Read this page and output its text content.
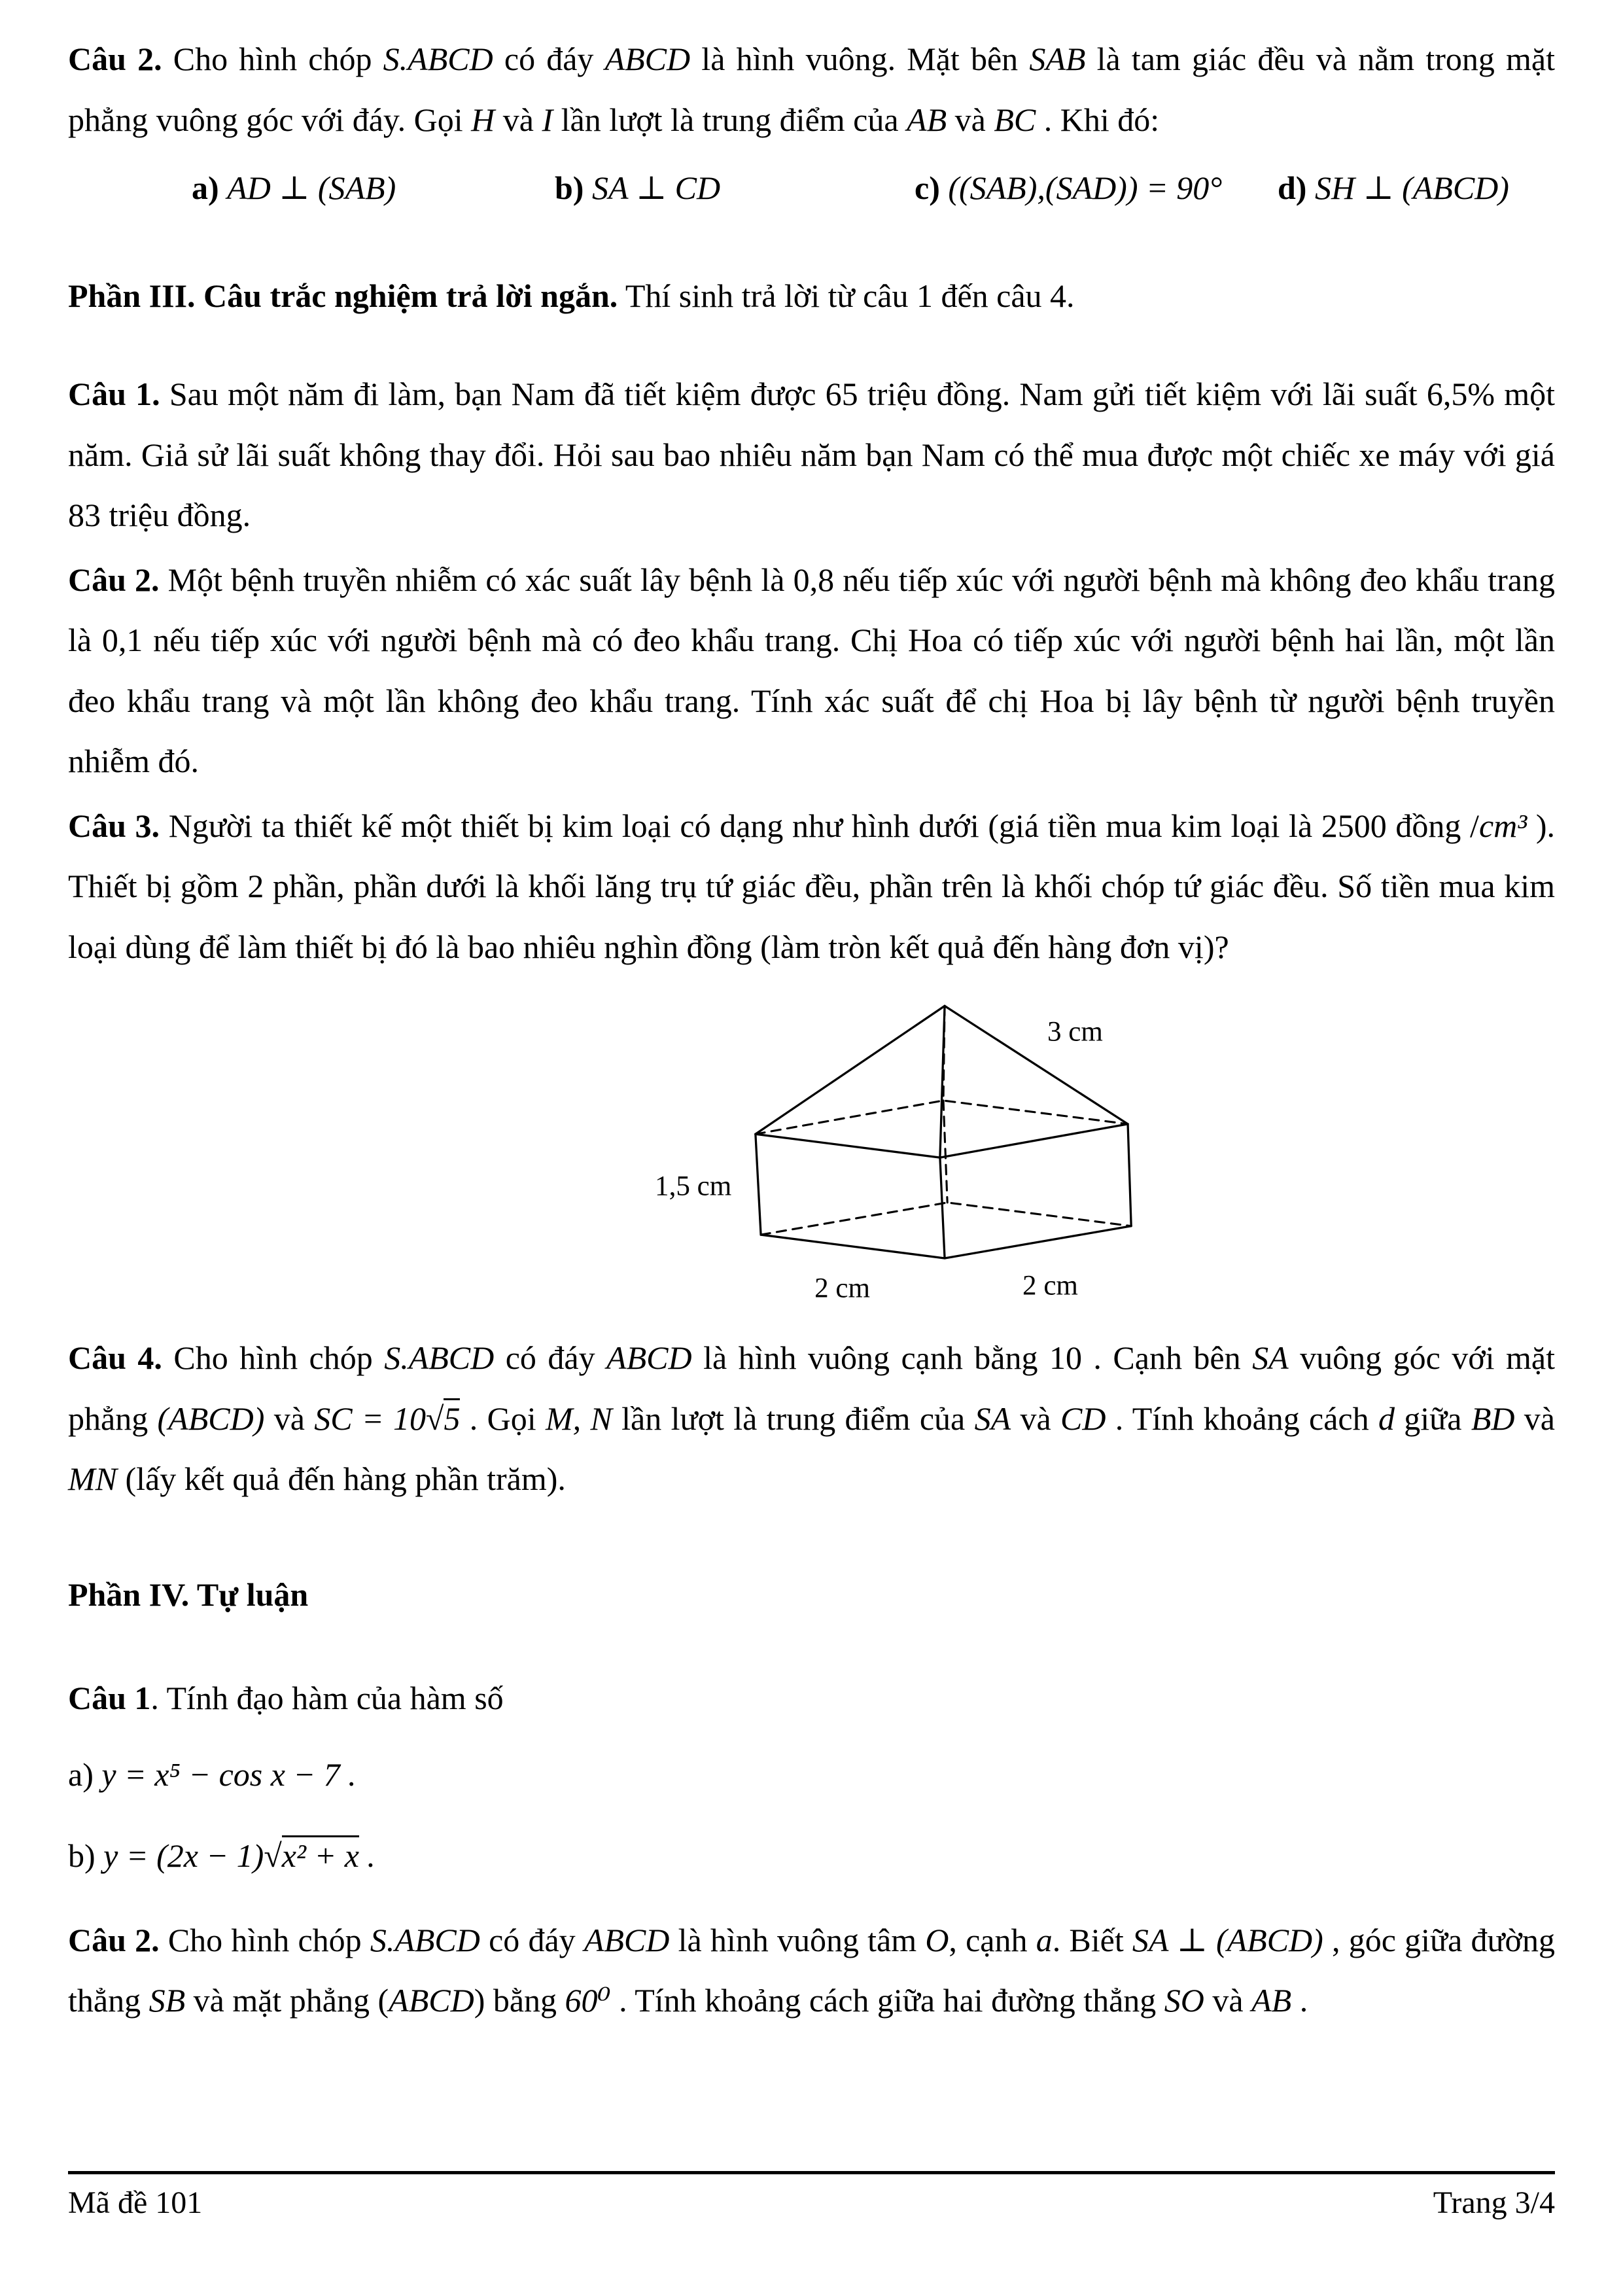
Câu 2. Cho hình chóp S.ABCD có đáy ABCD là hình vuông. Mặt bên SAB là tam giác đều và nằm trong mặt phẳng vuông góc với đáy. Gọi H và I lần lượt là trung điểm của AB và BC . Khi đó:

a) AD ⊥ (SAB)	b) SA ⊥ CD	c) ((SAB),(SAD)) = 90°	d) SH ⊥ (ABCD)

Phần III. Câu trắc nghiệm trả lời ngắn. Thí sinh trả lời từ câu 1 đến câu 4.

Câu 1. Sau một năm đi làm, bạn Nam đã tiết kiệm được 65 triệu đồng. Nam gửi tiết kiệm với lãi suất 6,5% một năm. Giả sử lãi suất không thay đổi. Hỏi sau bao nhiêu năm bạn Nam có thể mua được một chiếc xe máy với giá 83 triệu đồng.

Câu 2. Một bệnh truyền nhiễm có xác suất lây bệnh là 0,8 nếu tiếp xúc với người bệnh mà không đeo khẩu trang là 0,1 nếu tiếp xúc với người bệnh mà có đeo khẩu trang. Chị Hoa có tiếp xúc với người bệnh hai lần, một lần đeo khẩu trang và một lần không đeo khẩu trang. Tính xác suất để chị Hoa bị lây bệnh từ người bệnh truyền nhiễm đó.

Câu 3. Người ta thiết kế một thiết bị kim loại có dạng như hình dưới (giá tiền mua kim loại là 2500 đồng /cm³ ). Thiết bị gồm 2 phần, phần dưới là khối lăng trụ tứ giác đều, phần trên là khối chóp tứ giác đều. Số tiền mua kim loại dùng để làm thiết bị đó là bao nhiêu nghìn đồng (làm tròn kết quả đến hàng đơn vị)?

3 cm
1,5 cm
2 cm	2 cm

Câu 4. Cho hình chóp S.ABCD có đáy ABCD là hình vuông cạnh bằng 10 . Cạnh bên SA vuông góc với mặt phẳng (ABCD) và SC = 10√5 . Gọi M, N lần lượt là trung điểm của SA và CD . Tính khoảng cách d giữa BD và MN (lấy kết quả đến hàng phần trăm).

Phần IV. Tự luận

Câu 1. Tính đạo hàm của hàm số

a) y = x⁵ − cos x − 7 .

b) y = (2x − 1)√x² + x .

Câu 2. Cho hình chóp S.ABCD có đáy ABCD là hình vuông tâm O, cạnh a. Biết SA ⊥ (ABCD) , góc giữa đường thẳng SB và mặt phẳng (ABCD) bằng 60⁰ . Tính khoảng cách giữa hai đường thẳng SO và AB .

Mã đề 101	Trang 3/4
